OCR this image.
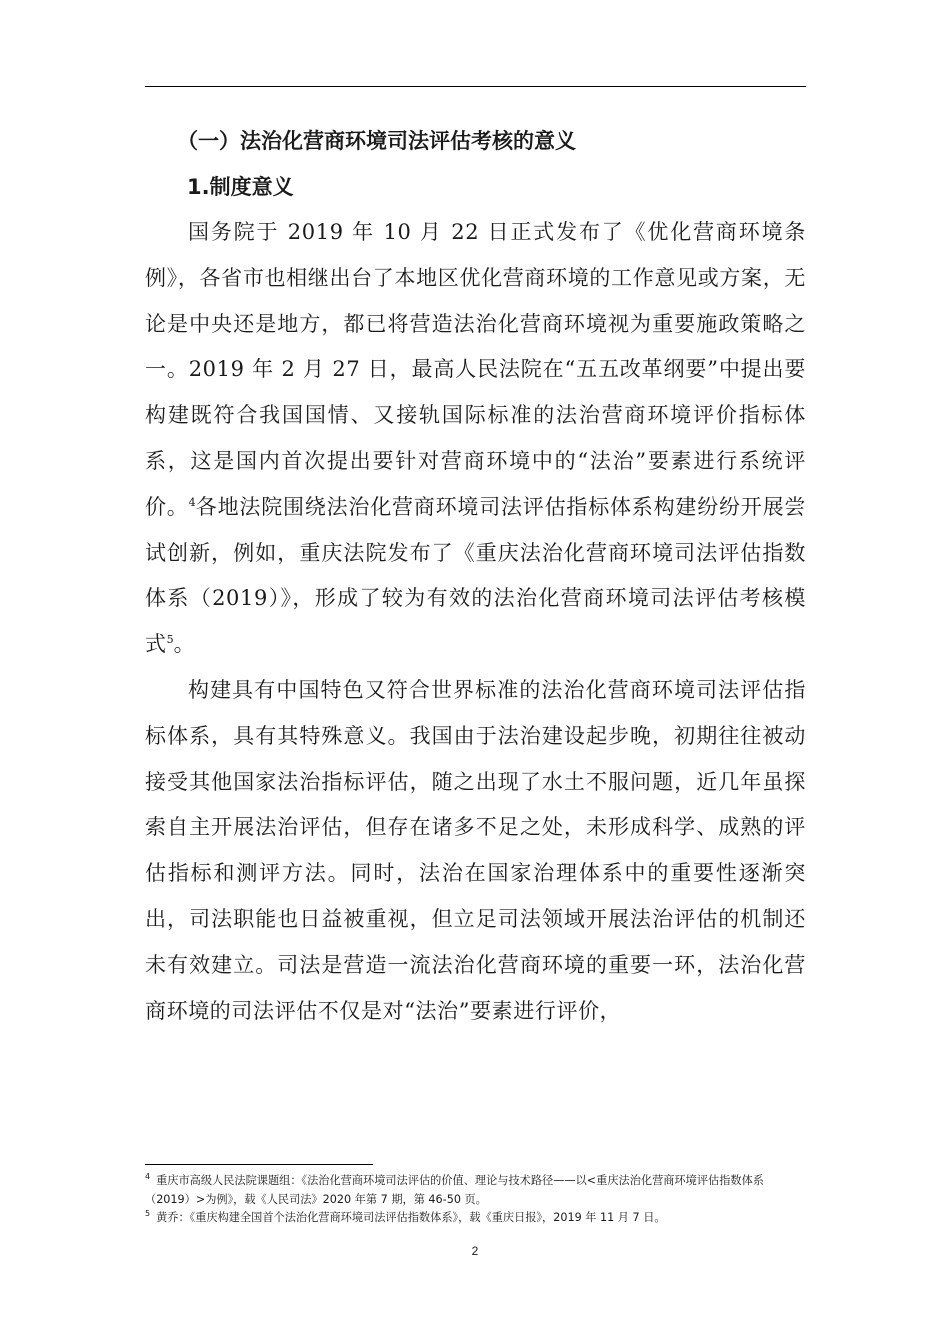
（一）法治化营商环境司法评估考核的意义

1.制度意义

国务院于 2019 年 10 月 22 日正式发布了《优化营商环境条例》，各省市也相继出台了本地区优化营商环境的工作意见或方案，无论是中央还是地方，都已将营造法治化营商环境视为重要施政策略之一。2019 年 2 月 27 日，最高人民法院在“五五改革纲要”中提出要构建既符合我国国情、又接轨国际标准的法治营商环境评价指标体系，这是国内首次提出要针对营商环境中的“法治”要素进行系统评价。$^4$各地法院围绕法治化营商环境司法评估指标体系构建纷纷开展尝试创新，例如，重庆法院发布了《重庆法治化营商环境司法评估指数体系（2019）》，形成了较为有效的法治化营商环境司法评估考核模式$^5$。

构建具有中国特色又符合世界标准的法治化营商环境司法评估指标体系，具有其特殊意义。我国由于法治建设起步晚，初期往往被动接受其他国家法治指标评估，随之出现了水土不服问题，近几年虽探索自主开展法治评估，但存在诸多不足之处，未形成科学、成熟的评估指标和测评方法。同时，法治在国家治理体系中的重要性逐渐突出，司法职能也日益被重视，但立足司法领域开展法治评估的机制还未有效建立。司法是营造一流法治化营商环境的重要一环，法治化营商环境的司法评估不仅是对“法治”要素进行评价，

$^4$ 重庆市高级人民法院课题组：《法治化营商环境司法评估的价值、理论与技术路径——以<重庆法治化营商环境评估指数体系（2019）>为例》，载《人民司法》2020 年第 7 期，第 46-50 页。

$^5$ 黄乔：《重庆构建全国首个法治化营商环境司法评估指数体系》，载《重庆日报》，2019 年 11 月 7 日。

2
